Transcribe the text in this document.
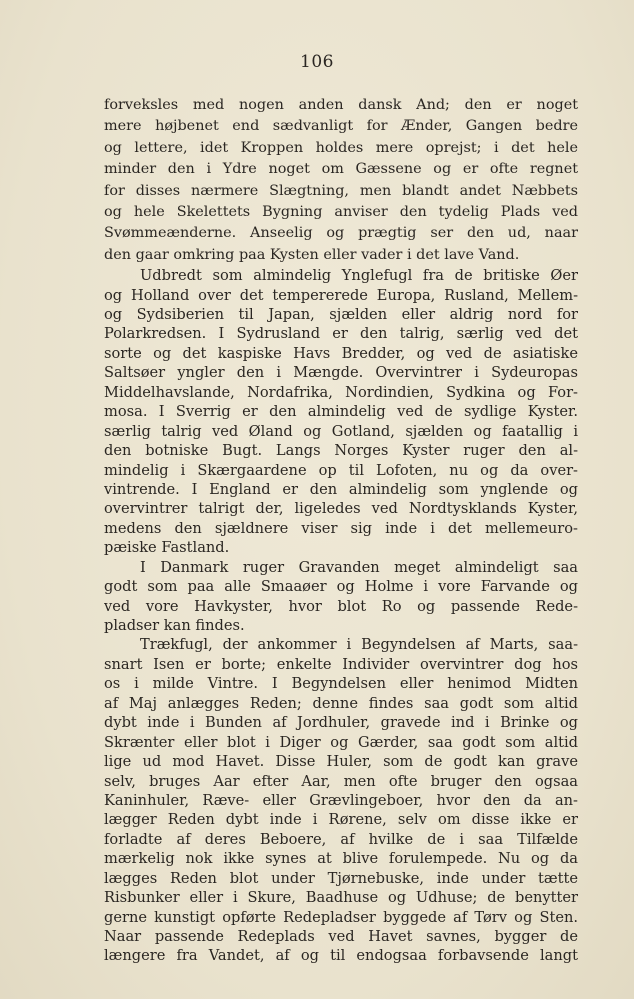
106
forveksles med nogen anden dansk And; den er noget
mere højbenet end sædvanligt for Ænder, Gangen bedre
og lettere, idet Kroppen holdes mere oprejst; i det hele
minder den i Ydre noget om Gæssene og er ofte regnet
for disses nærmere Slægtning, men blandt andet Næbbets
og hele Skelettets Bygning anviser den tydelig Plads ved
Svømmeænderne. Anseelig og prægtig ser den ud, naar
den gaar omkring paa Kysten eller vader i det lave Vand.
Udbredt som almindelig Ynglefugl fra de britiske Øer
og Holland over det tempererede Europa, Rusland, Mellem-
og Sydsiberien til Japan, sjælden eller aldrig nord for
Polarkredsen. I Sydrusland er den talrig, særlig ved det
sorte og det kaspiske Havs Bredder, og ved de asiatiske
Saltsøer yngler den i Mængde. Overvintrer i Sydeuropas
Middelhavslande, Nordafrika, Nordindien, Sydkina og For-
mosa. I Sverrig er den almindelig ved de sydlige Kyster.
særlig talrig ved Øland og Gotland, sjælden og faatallig i
den botniske Bugt. Langs Norges Kyster ruger den al-
mindelig i Skærgaardene op til Lofoten, nu og da over-
vintrende. I England er den almindelig som ynglende og
overvintrer talrigt der, ligeledes ved Nordtysklands Kyster,
medens den sjældnere viser sig inde i det mellemeuro-
pæiske Fastland.
I Danmark ruger Gravanden meget almindeligt saa
godt som paa alle Smaaøer og Holme i vore Farvande og
ved vore Havkyster, hvor blot Ro og passende Rede-
pladser kan findes.
Trækfugl, der ankommer i Begyndelsen af Marts, saa-
snart Isen er borte; enkelte Individer overvintrer dog hos
os i milde Vintre. I Begyndelsen eller henimod Midten
af Maj anlægges Reden; denne findes saa godt som altid
dybt inde i Bunden af Jordhuler, gravede ind i Brinke og
Skrænter eller blot i Diger og Gærder, saa godt som altid
lige ud mod Havet. Disse Huler, som de godt kan grave
selv, bruges Aar efter Aar, men ofte bruger den ogsaa
Kaninhuler, Ræve- eller Grævlingeboer, hvor den da an-
lægger Reden dybt inde i Rørene, selv om disse ikke er
forladte af deres Beboere, af hvilke de i saa Tilfælde
mærkelig nok ikke synes at blive forulempede. Nu og da
lægges Reden blot under Tjørnebuske, inde under tætte
Risbunker eller i Skure, Baadhuse og Udhuse; de benytter
gerne kunstigt opførte Redepladser byggede af Tørv og Sten.
Naar passende Redeplads ved Havet savnes, bygger de
længere fra Vandet, af og til endogsaa forbavsende langt
